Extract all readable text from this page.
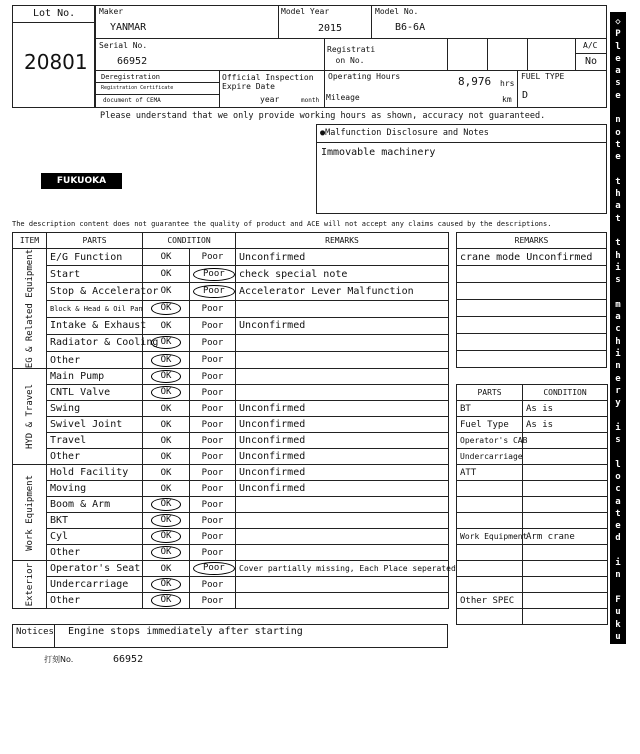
Lot No.
20801
Maker
YANMAR
Model Year
2015
Model No.
B6-6A
Serial No.
66952
Registrati on No.
A/C
No
Deregistration
Registration Certificate
document of CEMA
Official Inspection Expire Date
year	month
Operating Hours	8,976 hrs
Mileage	km
FUEL TYPE
D
Please understand that we only provide working hours as shown, accuracy not guaranteed.
●Malfunction Disclosure and Notes
Immovable machinery
FUKUOKA
The description content does not guarantee the quality of product and ACE will not accept any claims caused by the descriptions.
ITEM	PARTS	CONDITION		REMARKS

EG & Related Equipment	E/G Function	OK	Poor	Unconfirmed
	Start	OK	Poor	check special note
	Stop & Accelerator	OK	Poor	Accelerator Lever Malfunction
	Block & Head & Oil Pan	OK	Poor	
	Intake & Exhaust	OK	Poor	Unconfirmed
	Radiator & Cooling	OK	Poor	
	Other	OK	Poor	

HYD & Travel	Main Pump	OK	Poor	
	CNTL Valve	OK	Poor	
	Swing	OK	Poor	Unconfirmed
	Swivel Joint	OK	Poor	Unconfirmed
	Travel	OK	Poor	Unconfirmed
	Other	OK	Poor	Unconfirmed

Work Equipment	Hold Facility	OK	Poor	Unconfirmed
	Moving	OK	Poor	Unconfirmed
	Boom & Arm	OK	Poor	
	BKT	OK	Poor	
	Cyl	OK	Poor	
	Other	OK	Poor	

Exterior	Operator's Seat	OK	Poor	Cover partially missing, Each Place seperated
	Undercarriage	OK	Poor	
	Other	OK	Poor	
REMARKS
crane mode Unconfirmed

PARTS	CONDITION
BT	As is
Fuel Type	As is
Operator's CAB	
Undercarriage	
ATT	

Work Equipment	Arm crane

Other SPEC	

Notices Engine stops immediately after starting
打刻No.	66952
◇
P
l
e
a
s
e

n
o
t
e

t
h
a
t

t
h
i
s

m
a
c
h
i
n
e
r
y

i
s

l
o
c
a
t
e
d

i
n

F
u
k
u
o
k
a

Y
a
r
d
◇
